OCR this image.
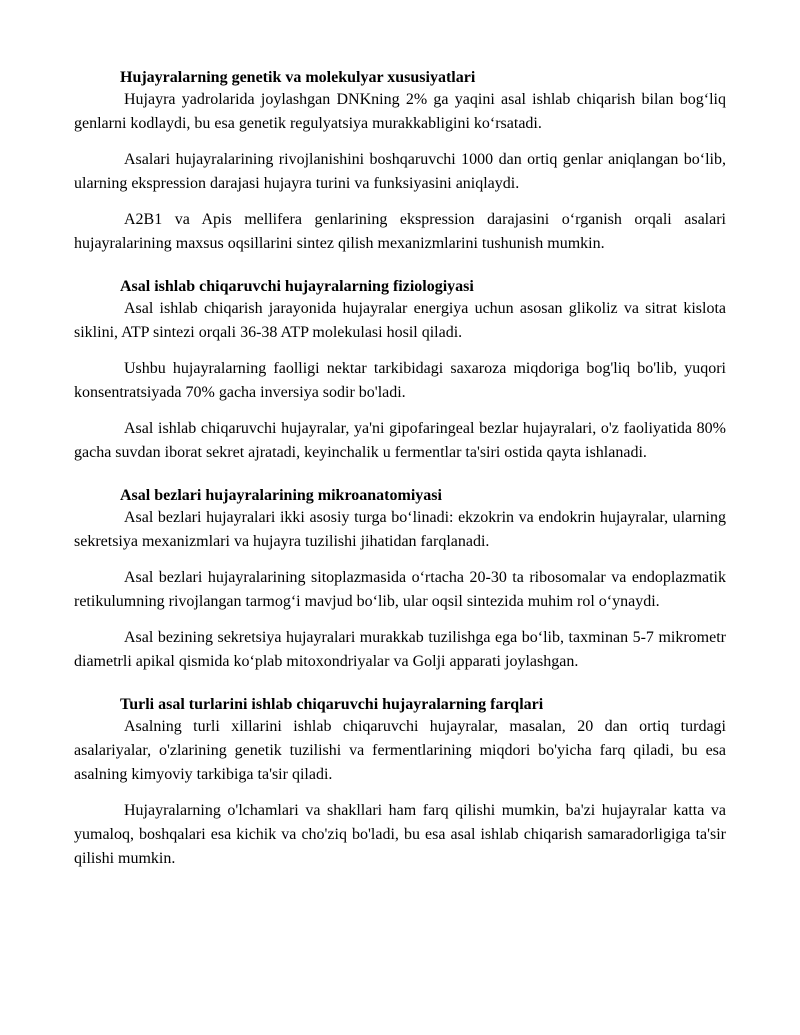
Hujayralarning genetik va molekulyar xususiyatlari

Hujayra yadrolarida joylashgan DNKning 2% ga yaqini asal ishlab chiqarish bilan bog‘liq genlarni kodlaydi, bu esa genetik regulyatsiya murakkabligini ko‘rsatadi.

Asalari hujayralarining rivojlanishini boshqaruvchi 1000 dan ortiq genlar aniqlangan bo‘lib, ularning ekspression darajasi hujayra turini va funksiyasini aniqlaydi.

A2B1 va Apis mellifera genlarining ekspression darajasini o‘rganish orqali asalari hujayralarining maxsus oqsillarini sintez qilish mexanizmlarini tushunish mumkin.

Asal ishlab chiqaruvchi hujayralarning fiziologiyasi

Asal ishlab chiqarish jarayonida hujayralar energiya uchun asosan glikoliz va sitrat kislota siklini, ATP sintezi orqali 36-38 ATP molekulasi hosil qiladi.

Ushbu hujayralarning faolligi nektar tarkibidagi saxaroza miqdoriga bog'liq bo'lib, yuqori konsentratsiyada 70% gacha inversiya sodir bo'ladi.

Asal ishlab chiqaruvchi hujayralar, ya'ni gipofaringeal bezlar hujayralari, o'z faoliyatida 80% gacha suvdan iborat sekret ajratadi, keyinchalik u fermentlar ta'siri ostida qayta ishlanadi.

Asal bezlari hujayralarining mikroanatomiyasi

Asal bezlari hujayralari ikki asosiy turga bo‘linadi: ekzokrin va endokrin hujayralar, ularning sekretsiya mexanizmlari va hujayra tuzilishi jihatidan farqlanadi.

Asal bezlari hujayralarining sitoplazmasida o‘rtacha 20-30 ta ribosomalar va endoplazmatik retikulumning rivojlangan tarmog‘i mavjud bo‘lib, ular oqsil sintezida muhim rol o‘ynaydi.

Asal bezining sekretsiya hujayralari murakkab tuzilishga ega bo‘lib, taxminan 5-7 mikrometr diametrli apikal qismida ko‘plab mitoxondriyalar va Golji apparati joylashgan.

Turli asal turlarini ishlab chiqaruvchi hujayralarning farqlari

Asalning turli xillarini ishlab chiqaruvchi hujayralar, masalan, 20 dan ortiq turdagi asalariyalar, o'zlarining genetik tuzilishi va fermentlarining miqdori bo'yicha farq qiladi, bu esa asalning kimyoviy tarkibiga ta'sir qiladi.

Hujayralarning o'lchamlari va shakllari ham farq qilishi mumkin, ba'zi hujayralar katta va yumaloq, boshqalari esa kichik va cho'ziq bo'ladi, bu esa asal ishlab chiqarish samaradorligiga ta'sir qilishi mumkin.
